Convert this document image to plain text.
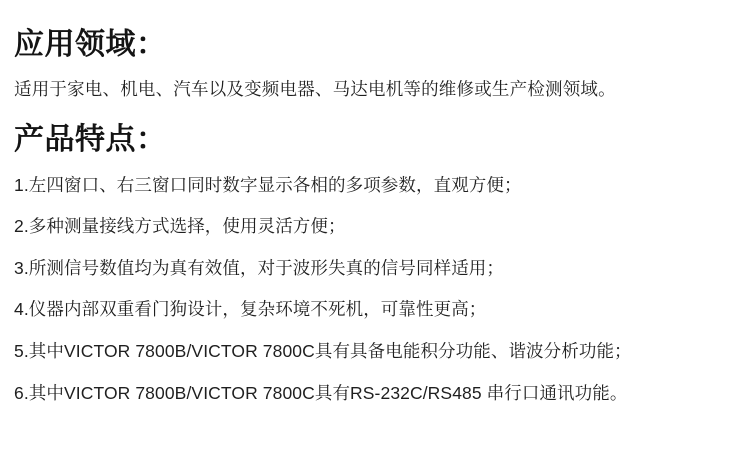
应用领域：

适用于家电、机电、汽车以及变频电器、马达电机等的维修或生产检测领域。

产品特点：
1.左四窗口、右三窗口同时数字显示各相的多项参数，直观方便；
2.多种测量接线方式选择，使用灵活方便；
3.所测信号数值均为真有效值，对于波形失真的信号同样适用；
4.仪器内部双重看门狗设计，复杂环境不死机，可靠性更高；
5.其中VICTOR 7800B/VICTOR 7800C具有具备电能积分功能、谐波分析功能；
6.其中VICTOR 7800B/VICTOR 7800C具有RS-232C/RS485 串行口通讯功能。
